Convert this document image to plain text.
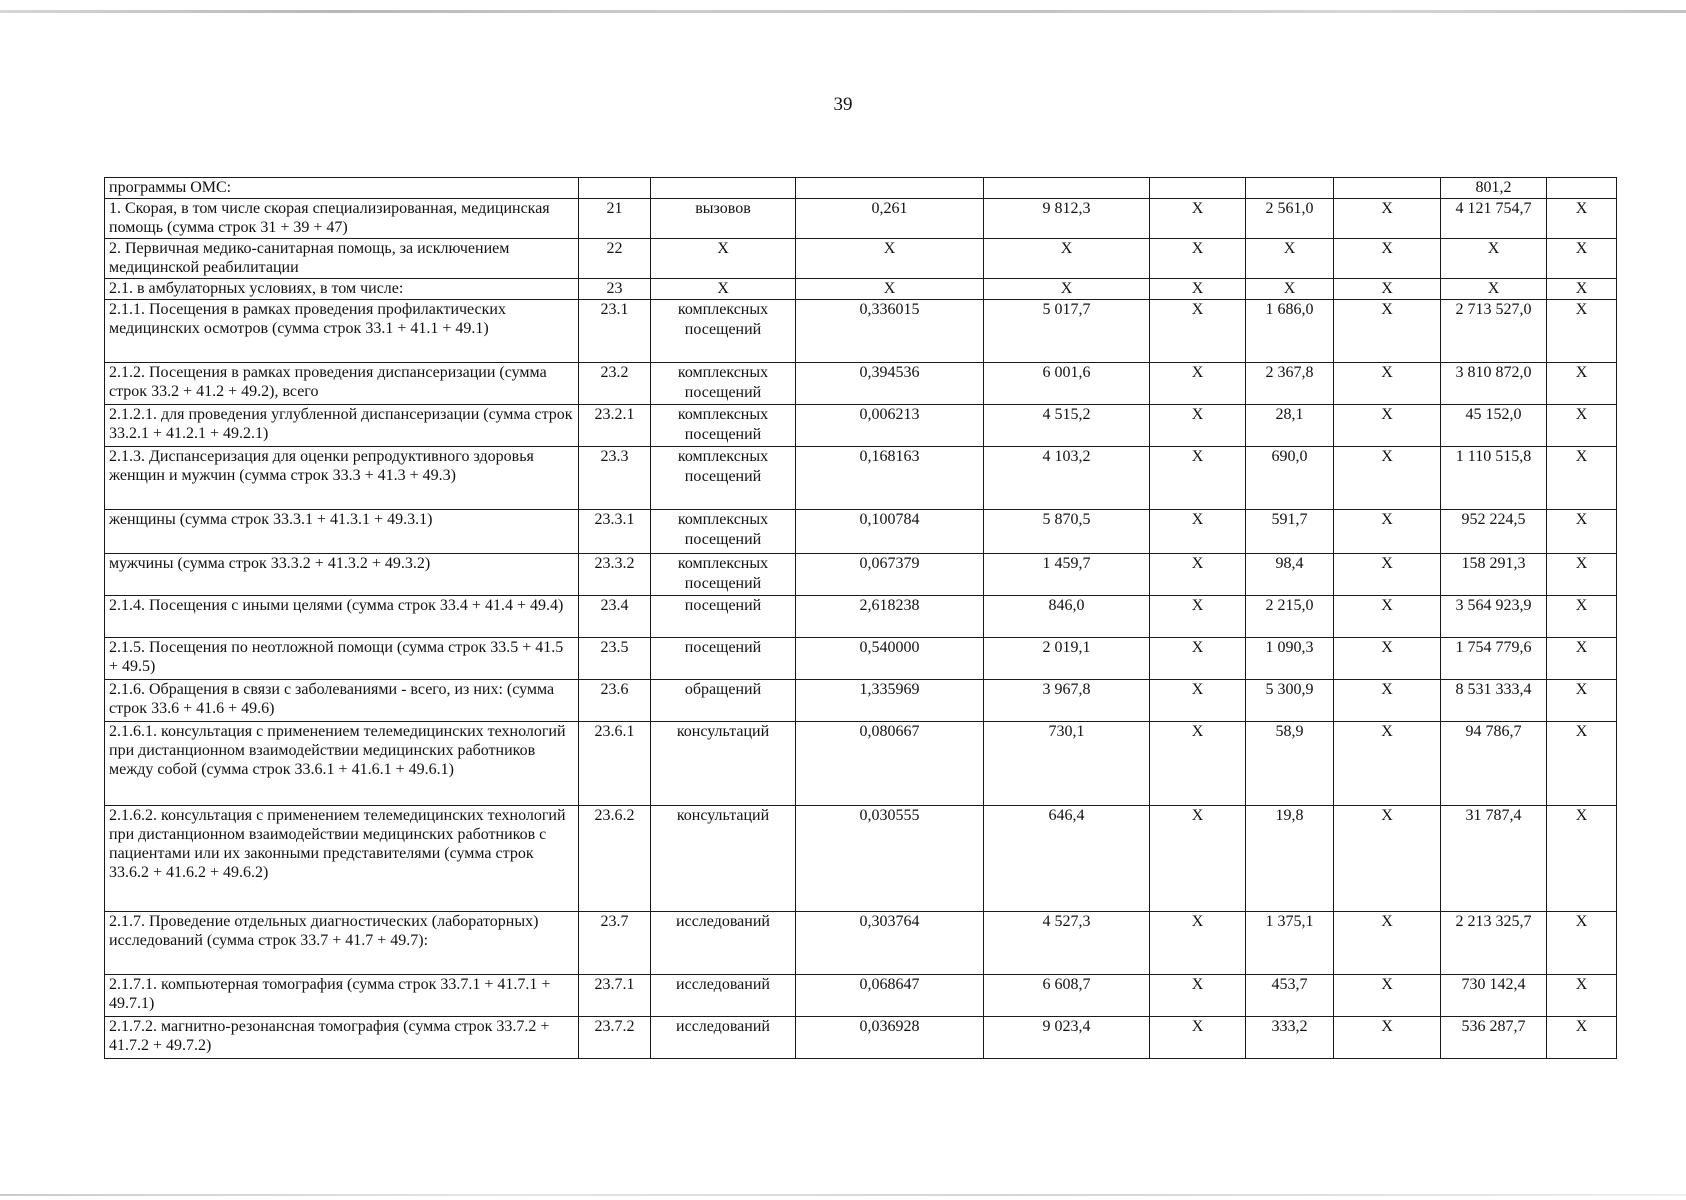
39
программы ОМС:								801,2	
1. Скорая, в том числе скорая специализированная, медицинская помощь (сумма строк 31 + 39 + 47)	21	вызовов	0,261	9 812,3	X	2 561,0	X	4 121 754,7	X
2. Первичная медико-санитарная помощь, за исключением медицинской реабилитации	22	X	X	X	X	X	X	X	X
2.1. в амбулаторных условиях, в том числе:	23	X	X	X	X	X	X	X	X
2.1.1. Посещения в рамках проведения профилактических медицинских осмотров (сумма строк 33.1 + 41.1 + 49.1)	23.1	комплексных посещений	0,336015	5 017,7	X	1 686,0	X	2 713 527,0	X
2.1.2. Посещения в рамках проведения диспансеризации (сумма строк 33.2 + 41.2 + 49.2), всего	23.2	комплексных посещений	0,394536	6 001,6	X	2 367,8	X	3 810 872,0	X
2.1.2.1. для проведения углубленной диспансеризации (сумма строк 33.2.1 + 41.2.1 + 49.2.1)	23.2.1	комплексных посещений	0,006213	4 515,2	X	28,1	X	45 152,0	X
2.1.3. Диспансеризация для оценки репродуктивного здоровья женщин и мужчин (сумма строк 33.3 + 41.3 + 49.3)	23.3	комплексных посещений	0,168163	4 103,2	X	690,0	X	1 110 515,8	X
женщины (сумма строк 33.3.1 + 41.3.1 + 49.3.1)	23.3.1	комплексных посещений	0,100784	5 870,5	X	591,7	X	952 224,5	X
мужчины (сумма строк 33.3.2 + 41.3.2 + 49.3.2)	23.3.2	комплексных посещений	0,067379	1 459,7	X	98,4	X	158 291,3	X
2.1.4. Посещения с иными целями (сумма строк 33.4 + 41.4 + 49.4)	23.4	посещений	2,618238	846,0	X	2 215,0	X	3 564 923,9	X
2.1.5. Посещения по неотложной помощи (сумма строк 33.5 + 41.5 + 49.5)	23.5	посещений	0,540000	2 019,1	X	1 090,3	X	1 754 779,6	X
2.1.6. Обращения в связи с заболеваниями - всего, из них: (сумма строк 33.6 + 41.6 + 49.6)	23.6	обращений	1,335969	3 967,8	X	5 300,9	X	8 531 333,4	X
2.1.6.1. консультация с применением телемедицинских технологий при дистанционном взаимодействии медицинских работников между собой (сумма строк 33.6.1 + 41.6.1 + 49.6.1)	23.6.1	консультаций	0,080667	730,1	X	58,9	X	94 786,7	X
2.1.6.2. консультация с применением телемедицинских технологий при дистанционном взаимодействии медицинских работников с пациентами или их законными представителями (сумма строк 33.6.2 + 41.6.2 + 49.6.2)	23.6.2	консультаций	0,030555	646,4	X	19,8	X	31 787,4	X
2.1.7. Проведение отдельных диагностических (лабораторных) исследований (сумма строк 33.7 + 41.7 + 49.7):	23.7	исследований	0,303764	4 527,3	X	1 375,1	X	2 213 325,7	X
2.1.7.1. компьютерная томография (сумма строк 33.7.1 + 41.7.1 + 49.7.1)	23.7.1	исследований	0,068647	6 608,7	X	453,7	X	730 142,4	X
2.1.7.2. магнитно-резонансная томография (сумма строк 33.7.2 + 41.7.2 + 49.7.2)	23.7.2	исследований	0,036928	9 023,4	X	333,2	X	536 287,7	X
